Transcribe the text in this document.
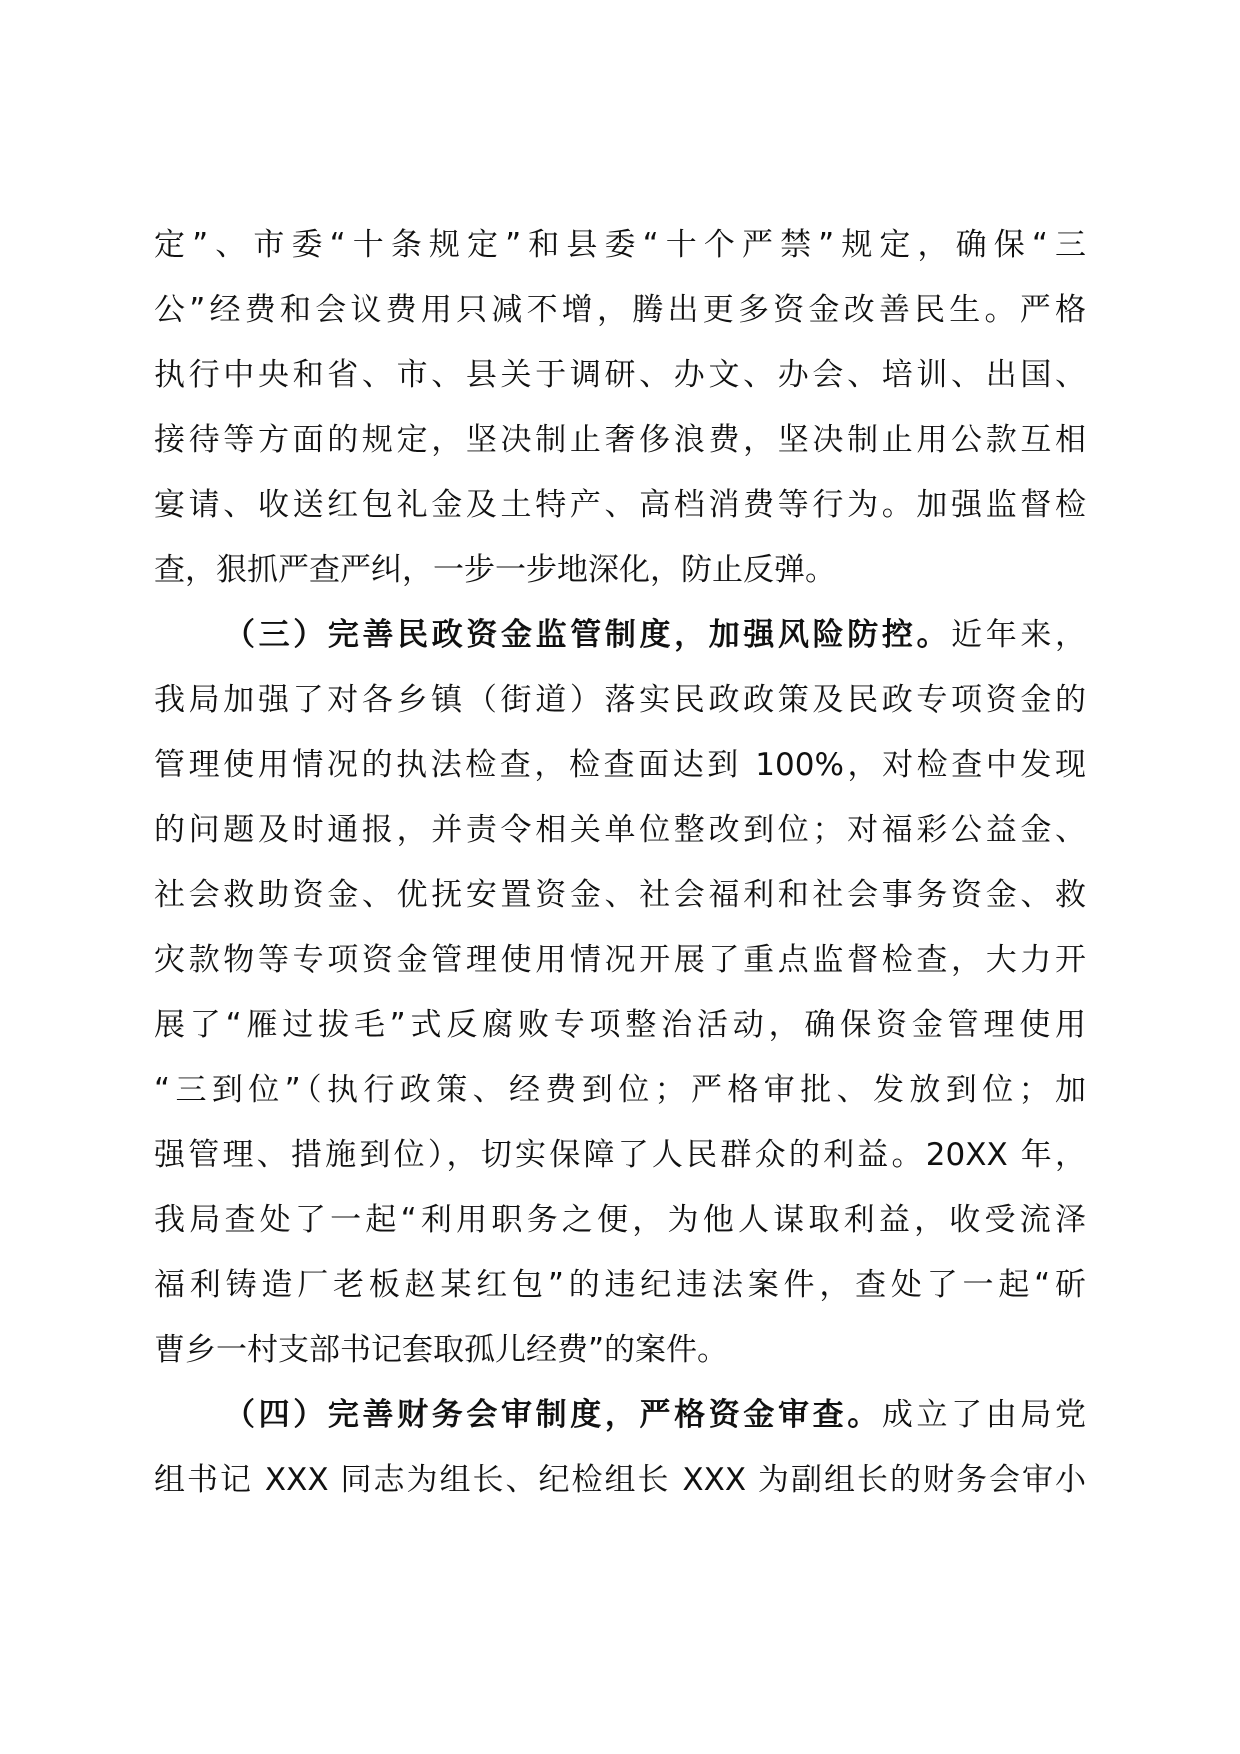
定”、市委“十条规定”和县委“十个严禁”规定，确保“三
公”经费和会议费用只减不增，腾出更多资金改善民生。严格
执行中央和省、市、县关于调研、办文、办会、培训、出国、
接待等方面的规定，坚决制止奢侈浪费，坚决制止用公款互相
宴请、收送红包礼金及土特产、高档消费等行为。加强监督检
查，狠抓严查严纠，一步一步地深化，防止反弹。
（三）完善民政资金监管制度，加强风险防控。近年来，
我局加强了对各乡镇（街道）落实民政政策及民政专项资金的
管理使用情况的执法检查，检查面达到 100%，对检查中发现
的问题及时通报，并责令相关单位整改到位；对福彩公益金、
社会救助资金、优抚安置资金、社会福利和社会事务资金、救
灾款物等专项资金管理使用情况开展了重点监督检查，大力开
展了“雁过拔毛”式反腐败专项整治活动，确保资金管理使用
“三到位”（执行政策、经费到位；严格审批、发放到位；加
强管理、措施到位），切实保障了人民群众的利益。20XX 年，
我局查处了一起“利用职务之便，为他人谋取利益，收受流泽
福利铸造厂老板赵某红包”的违纪违法案件，查处了一起“斫
曹乡一村支部书记套取孤儿经费”的案件。
（四）完善财务会审制度，严格资金审查。成立了由局党
组书记 XXX 同志为组长、纪检组长 XXX 为副组长的财务会审小
